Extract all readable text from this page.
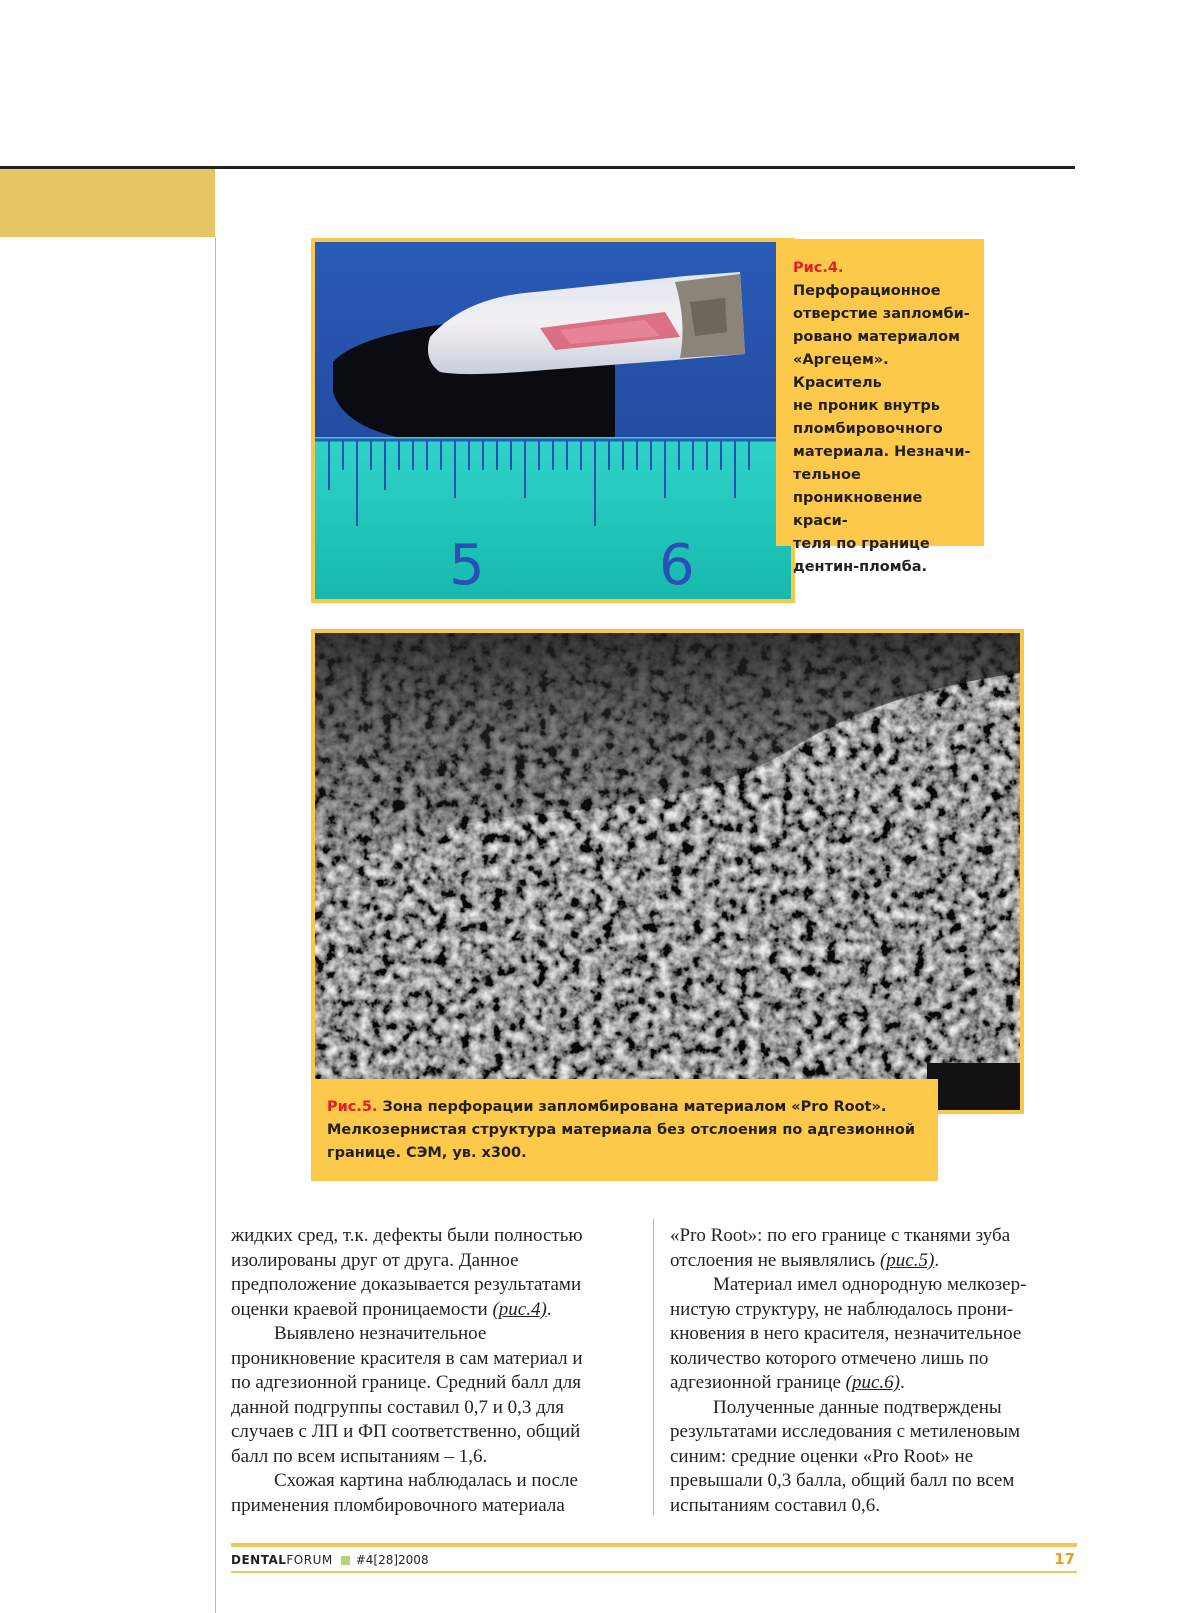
5	6
Рис.4.
Перфорационное
отверстие запломби-
ровано материалом
«Аргецем». Краситель
не проник внутрь
пломбировочного
материала. Незначи-
тельное
проникновение краси-
теля по границе
дентин-пломба.
Рис.5. Зона перфорации запломбирована материалом «Pro Root».
Мелкозернистая структура материала без отслоения по адгезионной
границе. СЭМ, ув. x300.

жидких сред, т.к. дефекты были полностью

изолированы друг от друга. Данное

предположение доказывается результатами

оценки краевой проницаемости (рис.4).

Выявлено незначительное

проникновение красителя в сам материал и

по адгезионной границе. Средний балл для

данной подгруппы составил 0,7 и 0,3 для

случаев с ЛП и ФП соответственно, общий

балл по всем испытаниям – 1,6.

Схожая картина наблюдалась и после

применения пломбировочного материала

«Pro Root»: по его границе с тканями зуба

отслоения не выявлялись (рис.5).

Материал имел однородную мелкозер-

нистую структуру, не наблюдалось прони-

кновения в него красителя, незначительное

количество которого отмечено лишь по

адгезионной границе (рис.6).

Полученные данные подтверждены

результатами исследования с метиленовым

синим: средние оценки «Pro Root» не

превышали 0,3 балла, общий балл по всем

испытаниям составил 0,6.

DENTALFORUM #4[28]2008	17
